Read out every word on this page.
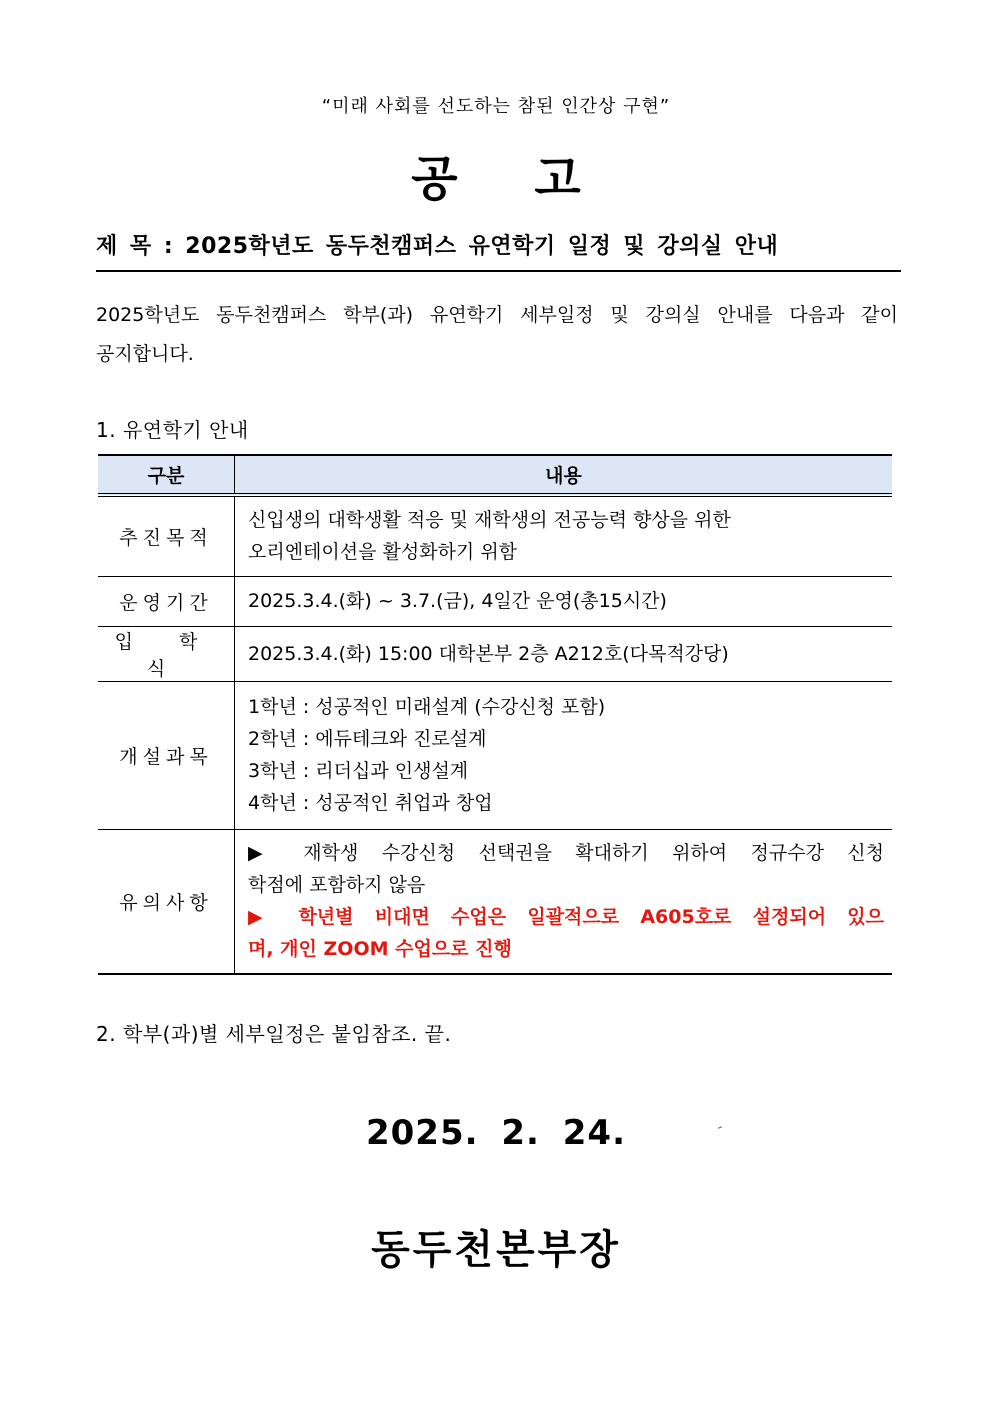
“미래 사회를 선도하는 참된 인간상 구현”
공 고
제 목 : 2025학년도 동두천캠퍼스 유연학기 일정 및 강의실 안내
2025학년도 동두천캠퍼스 학부(과) 유연학기 세부일정 및 강의실 안내를 다음과 같이
공지합니다.
1. 유연학기 안내
구분	내용
추진목적	신입생의 대학생활 적응 및 재학생의 전공능력 향상을 위한
오리엔테이션을 활성화하기 위함

운영기간	2025.3.4.(화) ~ 3.7.(금), 4일간 운영(총15시간)

입 학 식	2025.3.4.(화) 15:00 대학본부 2층 A212호(다목적강당)

개설과목	1학년 : 성공적인 미래설계 (수강신청 포함)
2학년 : 에듀테크와 진로설계
3학년 : 리더십과 인생설계
4학년 : 성공적인 취업과 창업

유의사항	▶ 재학생 수강신청 선택권을 확대하기 위하여 정규수강 신청
학점에 포함하지 않음
▶ 학년별 비대면 수업은 일괄적으로 A605호로 설정되어 있으
며, 개인 ZOOM 수업으로 진행
2. 학부(과)별 세부일정은 붙임참조. 끝.
2025. 2. 24.
동두천본부장
